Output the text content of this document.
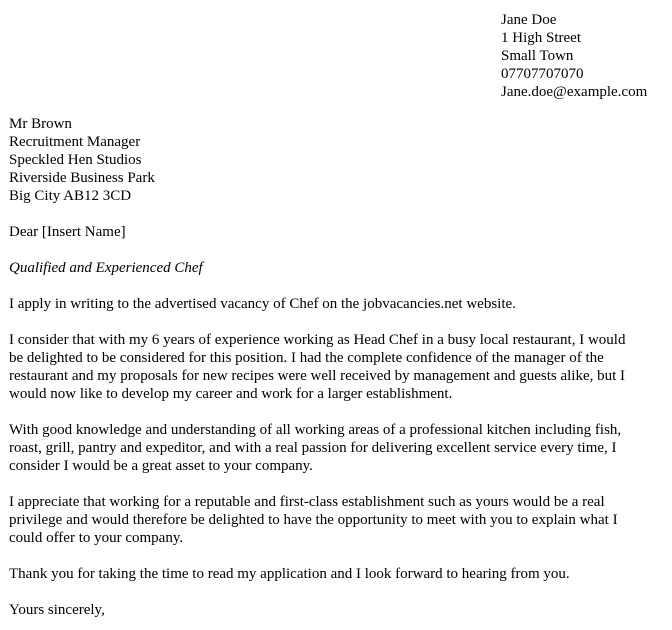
Jane Doe
1 High Street
Small Town
07707707070
Jane.doe@example.com
Mr Brown
Recruitment Manager
Speckled Hen Studios
Riverside Business Park
Big City AB12 3CD
Dear [Insert Name]
Qualified and Experienced Chef

I apply in writing to the advertised vacancy of Chef on the jobvacancies.net website.

I consider that with my 6 years of experience working as Head Chef in a busy local restaurant, I would
be delighted to be considered for this position. I had the complete confidence of the manager of the
restaurant and my proposals for new recipes were well received by management and guests alike, but I
would now like to develop my career and work for a larger establishment.

With good knowledge and understanding of all working areas of a professional kitchen including fish,
roast, grill, pantry and expeditor, and with a real passion for delivering excellent service every time, I
consider I would be a great asset to your company.

I appreciate that working for a reputable and first-class establishment such as yours would be a real
privilege and would therefore be delighted to have the opportunity to meet with you to explain what I
could offer to your company.

Thank you for taking the time to read my application and I look forward to hearing from you.

Yours sincerely,
